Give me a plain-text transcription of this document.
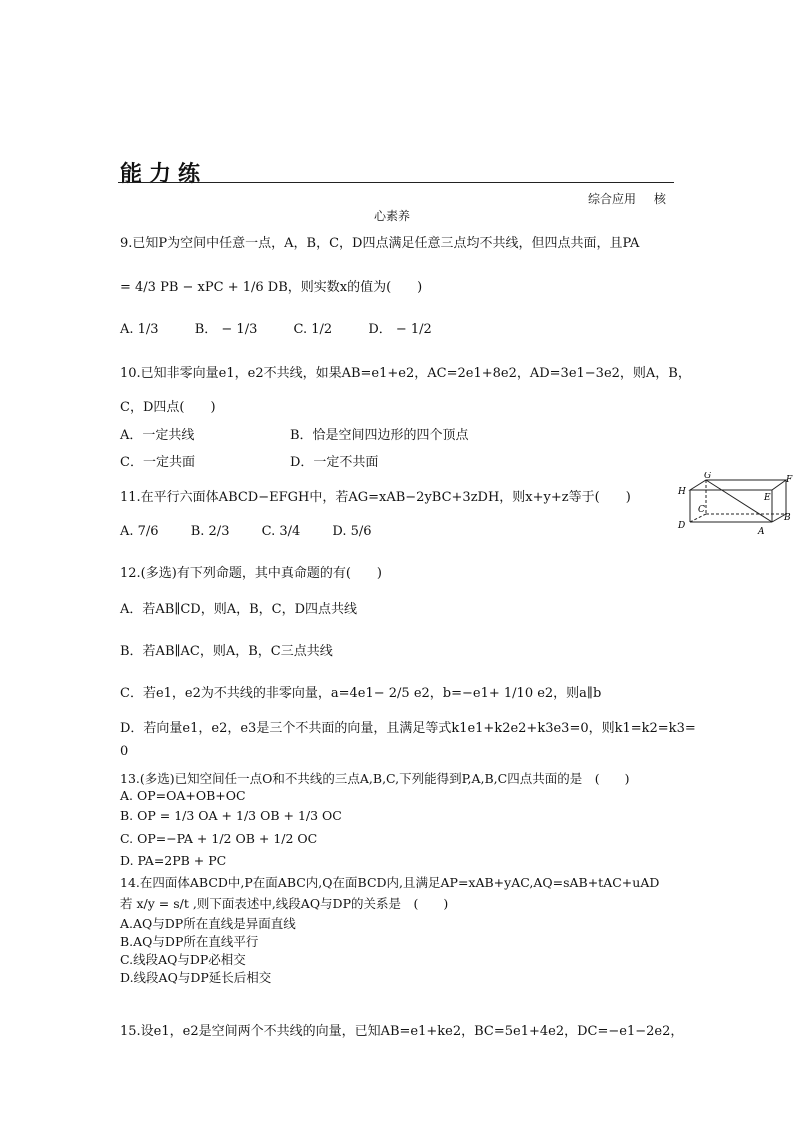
能力练
综合应用 核
心素养
9.已知P为空间中任意一点，A，B，C，D四点满足任意三点均不共线，但四点共面，且PA
= 4/3 PB − xPC + 1/6 DB，则实数x的值为(　　)
A. 1/3	B． − 1/3	C. 1/2	D． − 1/2
10.已知非零向量e1，e2不共线，如果AB=e1+e2，AC=2e1+8e2，AD=3e1−3e2，则A，B，
C，D四点(　　)
A．一定共线	B．恰是空间四边形的四个顶点
C．一定共面	D．一定不共面
11.在平行六面体ABCD−EFGH中，若AG=xAB−2yBC+3zDH，则x+y+z等于(　　)
A. 7/6 B. 2/3 C. 3/4 D. 5/6
G	F
H
E
C
B
D
A
12.(多选)有下列命题，其中真命题的有(　　)
A．若AB∥CD，则A，B，C，D四点共线
B．若AB∥AC，则A，B，C三点共线
C．若e1，e2为不共线的非零向量，a=4e1− 2/5 e2，b=−e1+ 1/10 e2，则a∥b
D．若向量e1，e2，e3是三个不共面的向量，且满足等式k1e1+k2e2+k3e3=0，则k1=k2=k3=
0
13.(多选)已知空间任一点O和不共线的三点A,B,C,下列能得到P,A,B,C四点共面的是　(　　)
A. OP=OA+OB+OC
B. OP = 1/3 OA + 1/3 OB + 1/3 OC
C. OP=−PA + 1/2 OB + 1/2 OC
D. PA=2PB + PC
14.在四面体ABCD中,P在面ABC内,Q在面BCD内,且满足AP=xAB+yAC,AQ=sAB+tAC+uAD
若 x/y = s/t ,则下面表述中,线段AQ与DP的关系是　(　　)
A.AQ与DP所在直线是异面直线
B.AQ与DP所在直线平行
C.线段AQ与DP必相交
D.线段AQ与DP延长后相交
15.设e1，e2是空间两个不共线的向量，已知AB=e1+ke2，BC=5e1+4e2，DC=−e1−2e2，
